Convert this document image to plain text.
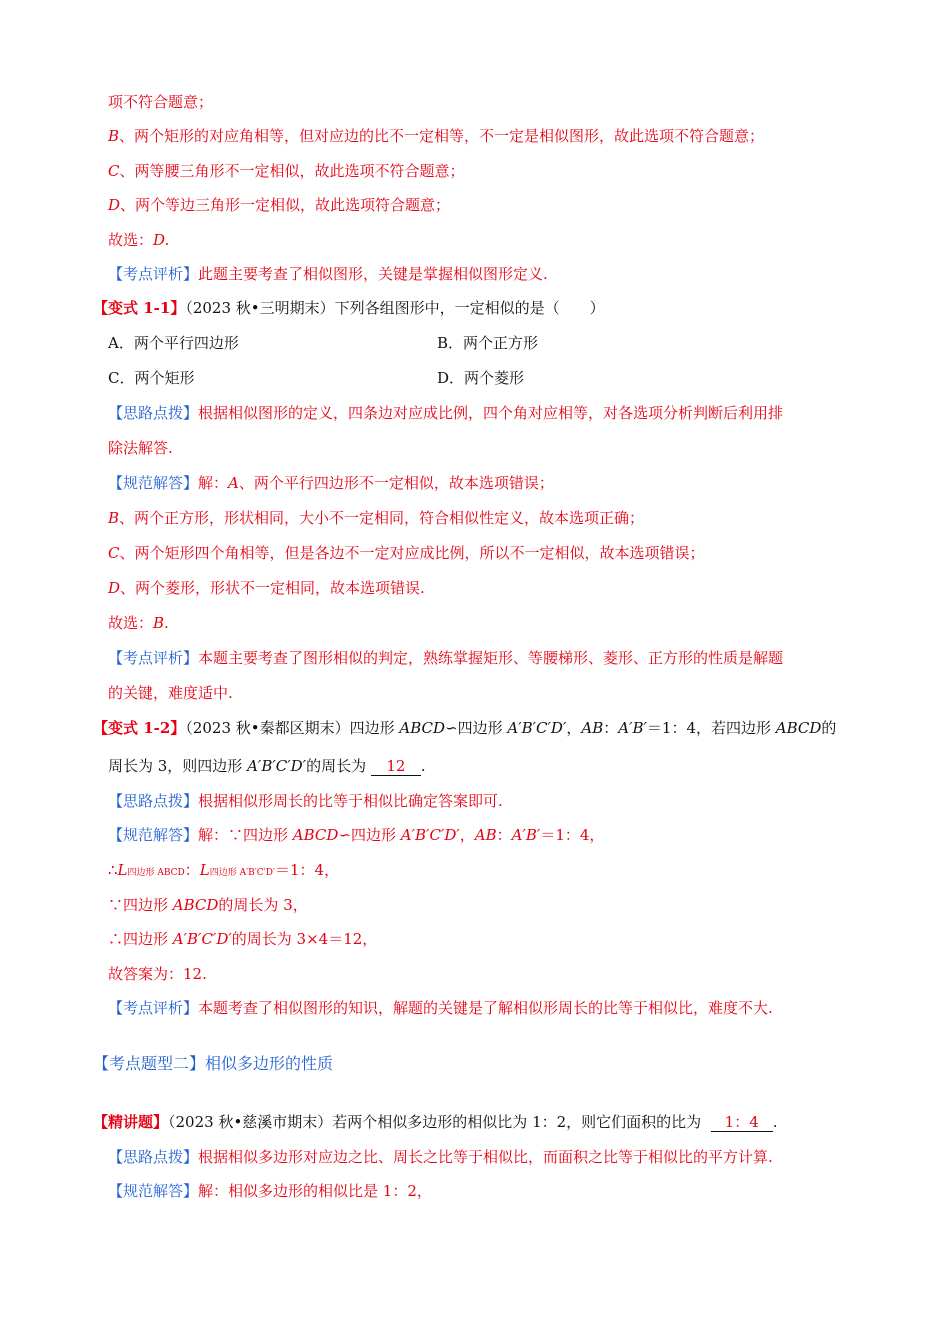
项不符合题意；
B、两个矩形的对应角相等，但对应边的比不一定相等，不一定是相似图形，故此选项不符合题意；
C、两等腰三角形不一定相似，故此选项不符合题意；
D、两个等边三角形一定相似，故此选项符合题意；
故选：D.
【考点评析】此题主要考查了相似图形，关键是掌握相似图形定义.
【变式 1-1】（2023 秋•三明期末）下列各组图形中，一定相似的是（　　）
A．两个平行四边形	B．两个正方形
C．两个矩形	D．两个菱形
【思路点拨】根据相似图形的定义，四条边对应成比例，四个角对应相等，对各选项分析判断后利用排
除法解答.
【规范解答】解：A、两个平行四边形不一定相似，故本选项错误；
B、两个正方形，形状相同，大小不一定相同，符合相似性定义，故本选项正确；
C、两个矩形四个角相等，但是各边不一定对应成比例，所以不一定相似，故本选项错误；
D、两个菱形，形状不一定相同，故本选项错误.
故选：B.
【考点评析】本题主要考查了图形相似的判定，熟练掌握矩形、等腰梯形、菱形、正方形的性质是解题
的关键，难度适中.
【变式 1-2】（2023 秋•秦都区期末）四边形 ABCD∽四边形 A′B′C′D′，AB：A′B′＝1：4，若四边形 ABCD的
周长为 3，则四边形 A′B′C′D′的周长为 12 .
【思路点拨】根据相似形周长的比等于相似比确定答案即可.
【规范解答】解：∵四边形 ABCD∽四边形 A′B′C′D′，AB：A′B′＝1：4，
∴L四边形 ABCD：L四边形 A′B′C′D′＝1：4，
∵四边形 ABCD的周长为 3，
∴四边形 A′B′C′D′的周长为 3×4＝12，
故答案为：12.
【考点评析】本题考查了相似图形的知识，解题的关键是了解相似形周长的比等于相似比，难度不大.
【考点题型二】相似多边形的性质
【精讲题】（2023 秋•慈溪市期末）若两个相似多边形的相似比为 1：2，则它们面积的比为 1：4 .
【思路点拨】根据相似多边形对应边之比、周长之比等于相似比，而面积之比等于相似比的平方计算.
【规范解答】解：相似多边形的相似比是 1：2，
